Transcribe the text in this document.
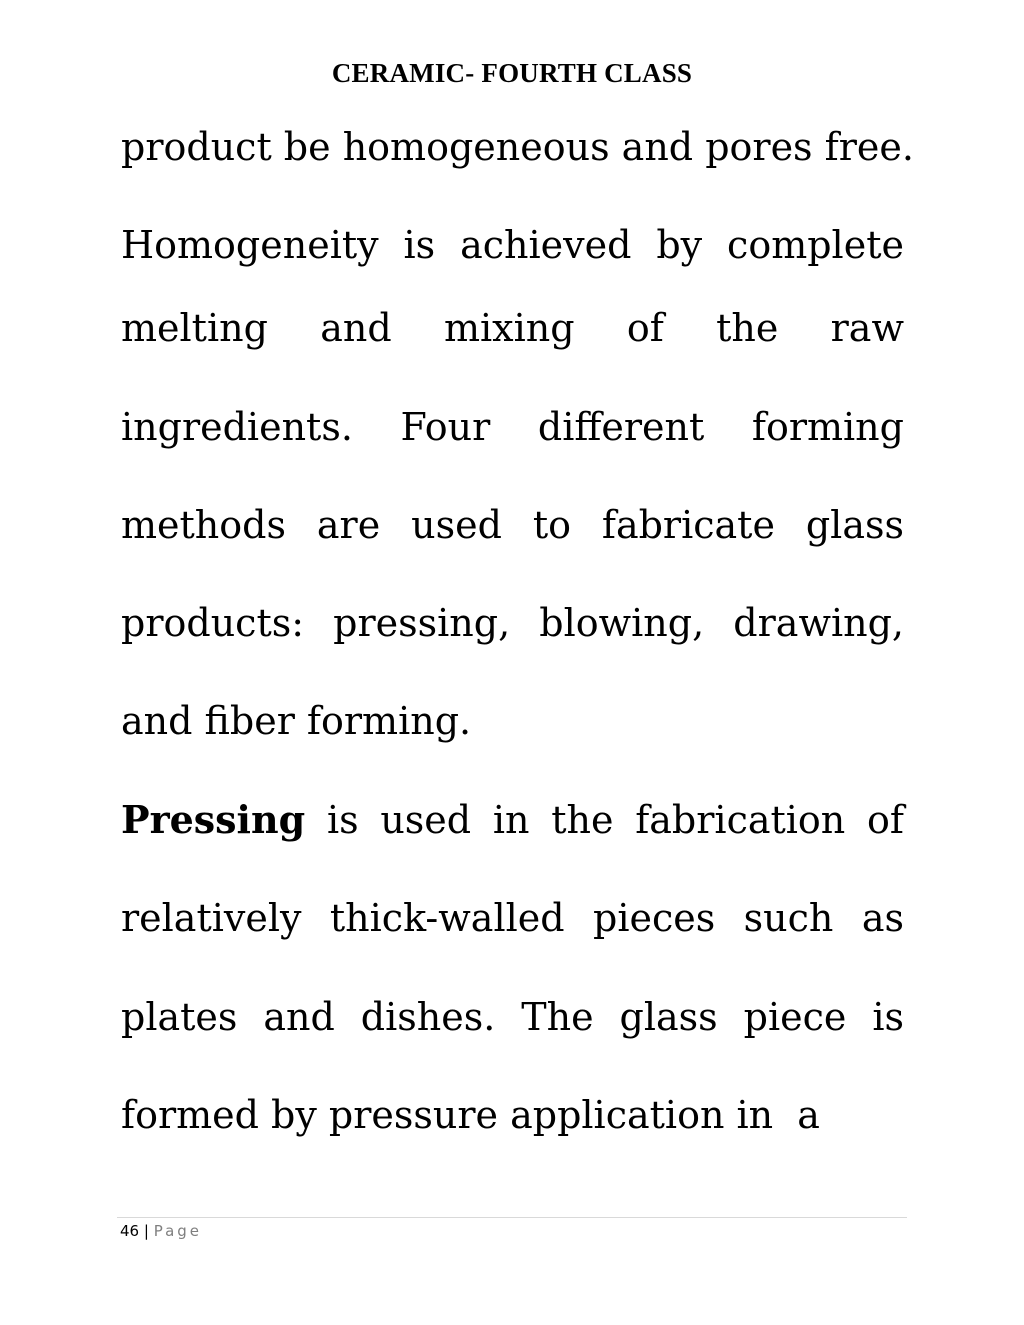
CERAMIC- FOURTH CLASS
product be homogeneous and pores free.
Homogeneity is achieved by complete
melting and mixing of the raw
ingredients. Four different forming
methods are used to fabricate glass
products: pressing, blowing, drawing,
and fiber forming.
Pressing is used in the fabrication of
relatively thick-walled pieces such as
plates and dishes. The glass piece is
formed by pressure application in  a
46 | Page
